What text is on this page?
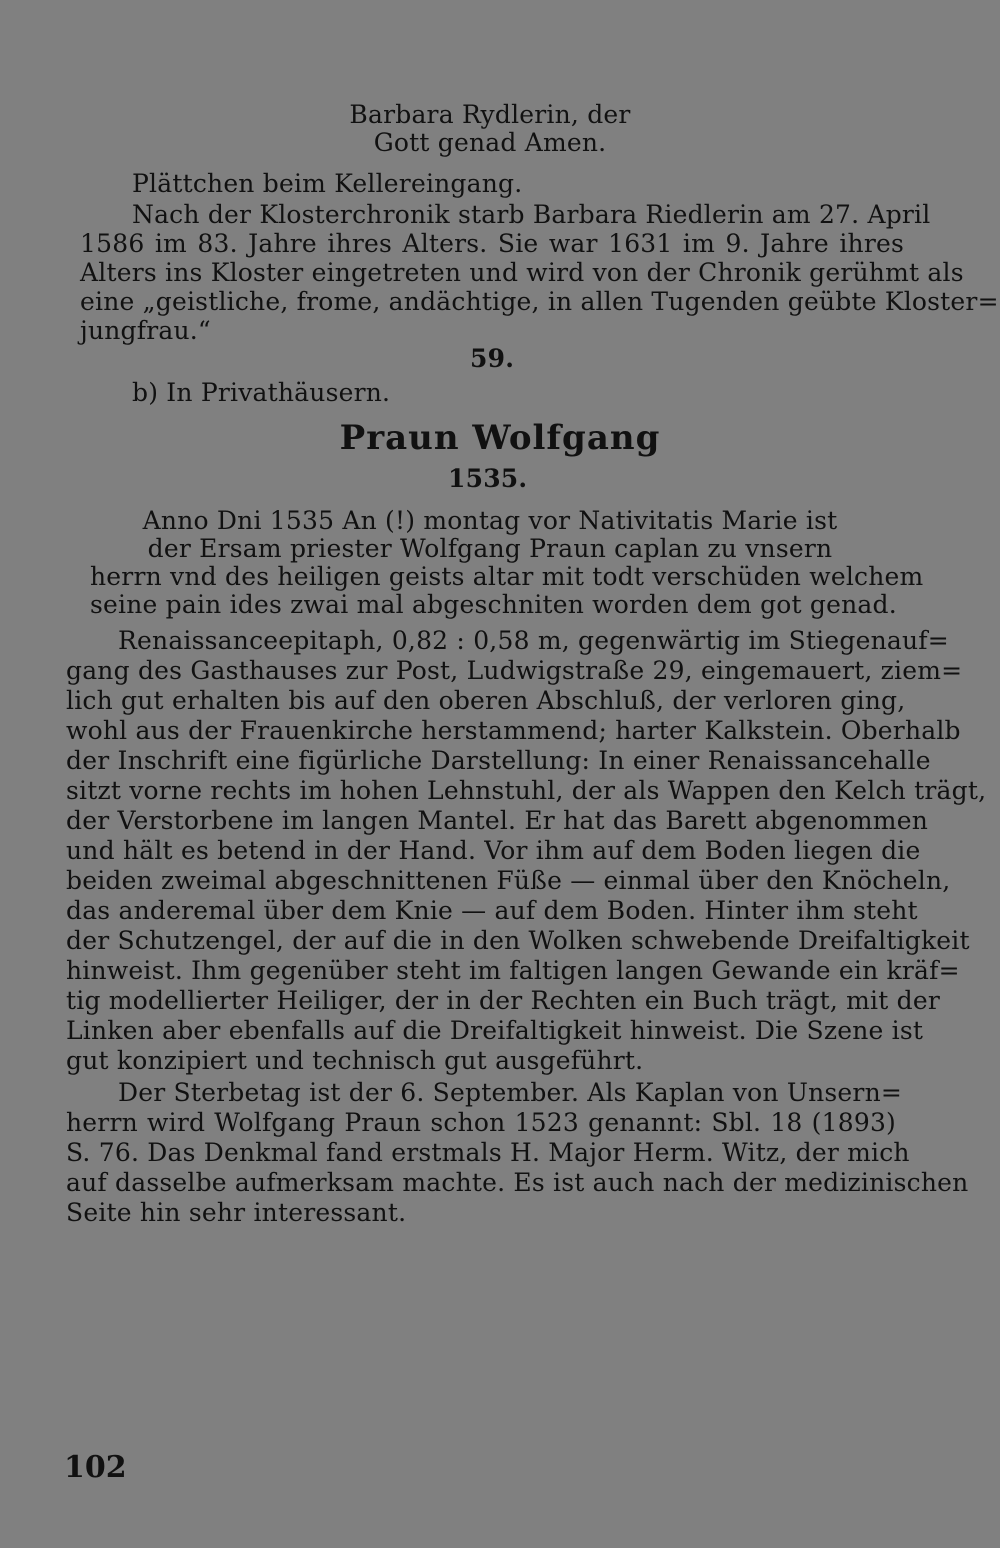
Barbara Rydlerin, der
Gott genad Amen.
Plättchen beim Kellereingang.
Nach der Klosterchronik starb Barbara Riedlerin am 27. April
1586 im 83. Jahre ihres Alters. Sie war 1631 im 9. Jahre ihres
Alters ins Kloster eingetreten und wird von der Chronik gerühmt als
eine „geistliche, frome, andächtige, in allen Tugenden geübte Kloster=
jungfrau.“
59.
b) In Privathäusern.
Praun Wolfgang
1535.
Anno Dni 1535 An (!) montag vor Nativitatis Marie ist
der Ersam priester Wolfgang Praun caplan zu vnsern
herrn vnd des heiligen geists altar mit todt verschüden welchem
seine pain ides zwai mal abgeschniten worden dem got genad.
Renaissanceepitaph, 0,82 : 0,58 m, gegenwärtig im Stiegenauf=
gang des Gasthauses zur Post, Ludwigstraße 29, eingemauert, ziem=
lich gut erhalten bis auf den oberen Abschluß, der verloren ging,
wohl aus der Frauenkirche herstammend; harter Kalkstein. Oberhalb
der Inschrift eine figürliche Darstellung: In einer Renaissancehalle
sitzt vorne rechts im hohen Lehnstuhl, der als Wappen den Kelch trägt,
der Verstorbene im langen Mantel. Er hat das Barett abgenommen
und hält es betend in der Hand. Vor ihm auf dem Boden liegen die
beiden zweimal abgeschnittenen Füße — einmal über den Knöcheln,
das anderemal über dem Knie — auf dem Boden. Hinter ihm steht
der Schutzengel, der auf die in den Wolken schwebende Dreifaltigkeit
hinweist. Ihm gegenüber steht im faltigen langen Gewande ein kräf=
tig modellierter Heiliger, der in der Rechten ein Buch trägt, mit der
Linken aber ebenfalls auf die Dreifaltigkeit hinweist. Die Szene ist
gut konzipiert und technisch gut ausgeführt.
Der Sterbetag ist der 6. September. Als Kaplan von Unsern=
herrn wird Wolfgang Praun schon 1523 genannt: Sbl. 18 (1893)
S. 76. Das Denkmal fand erstmals H. Major Herm. Witz, der mich
auf dasselbe aufmerksam machte. Es ist auch nach der medizinischen
Seite hin sehr interessant.
102
